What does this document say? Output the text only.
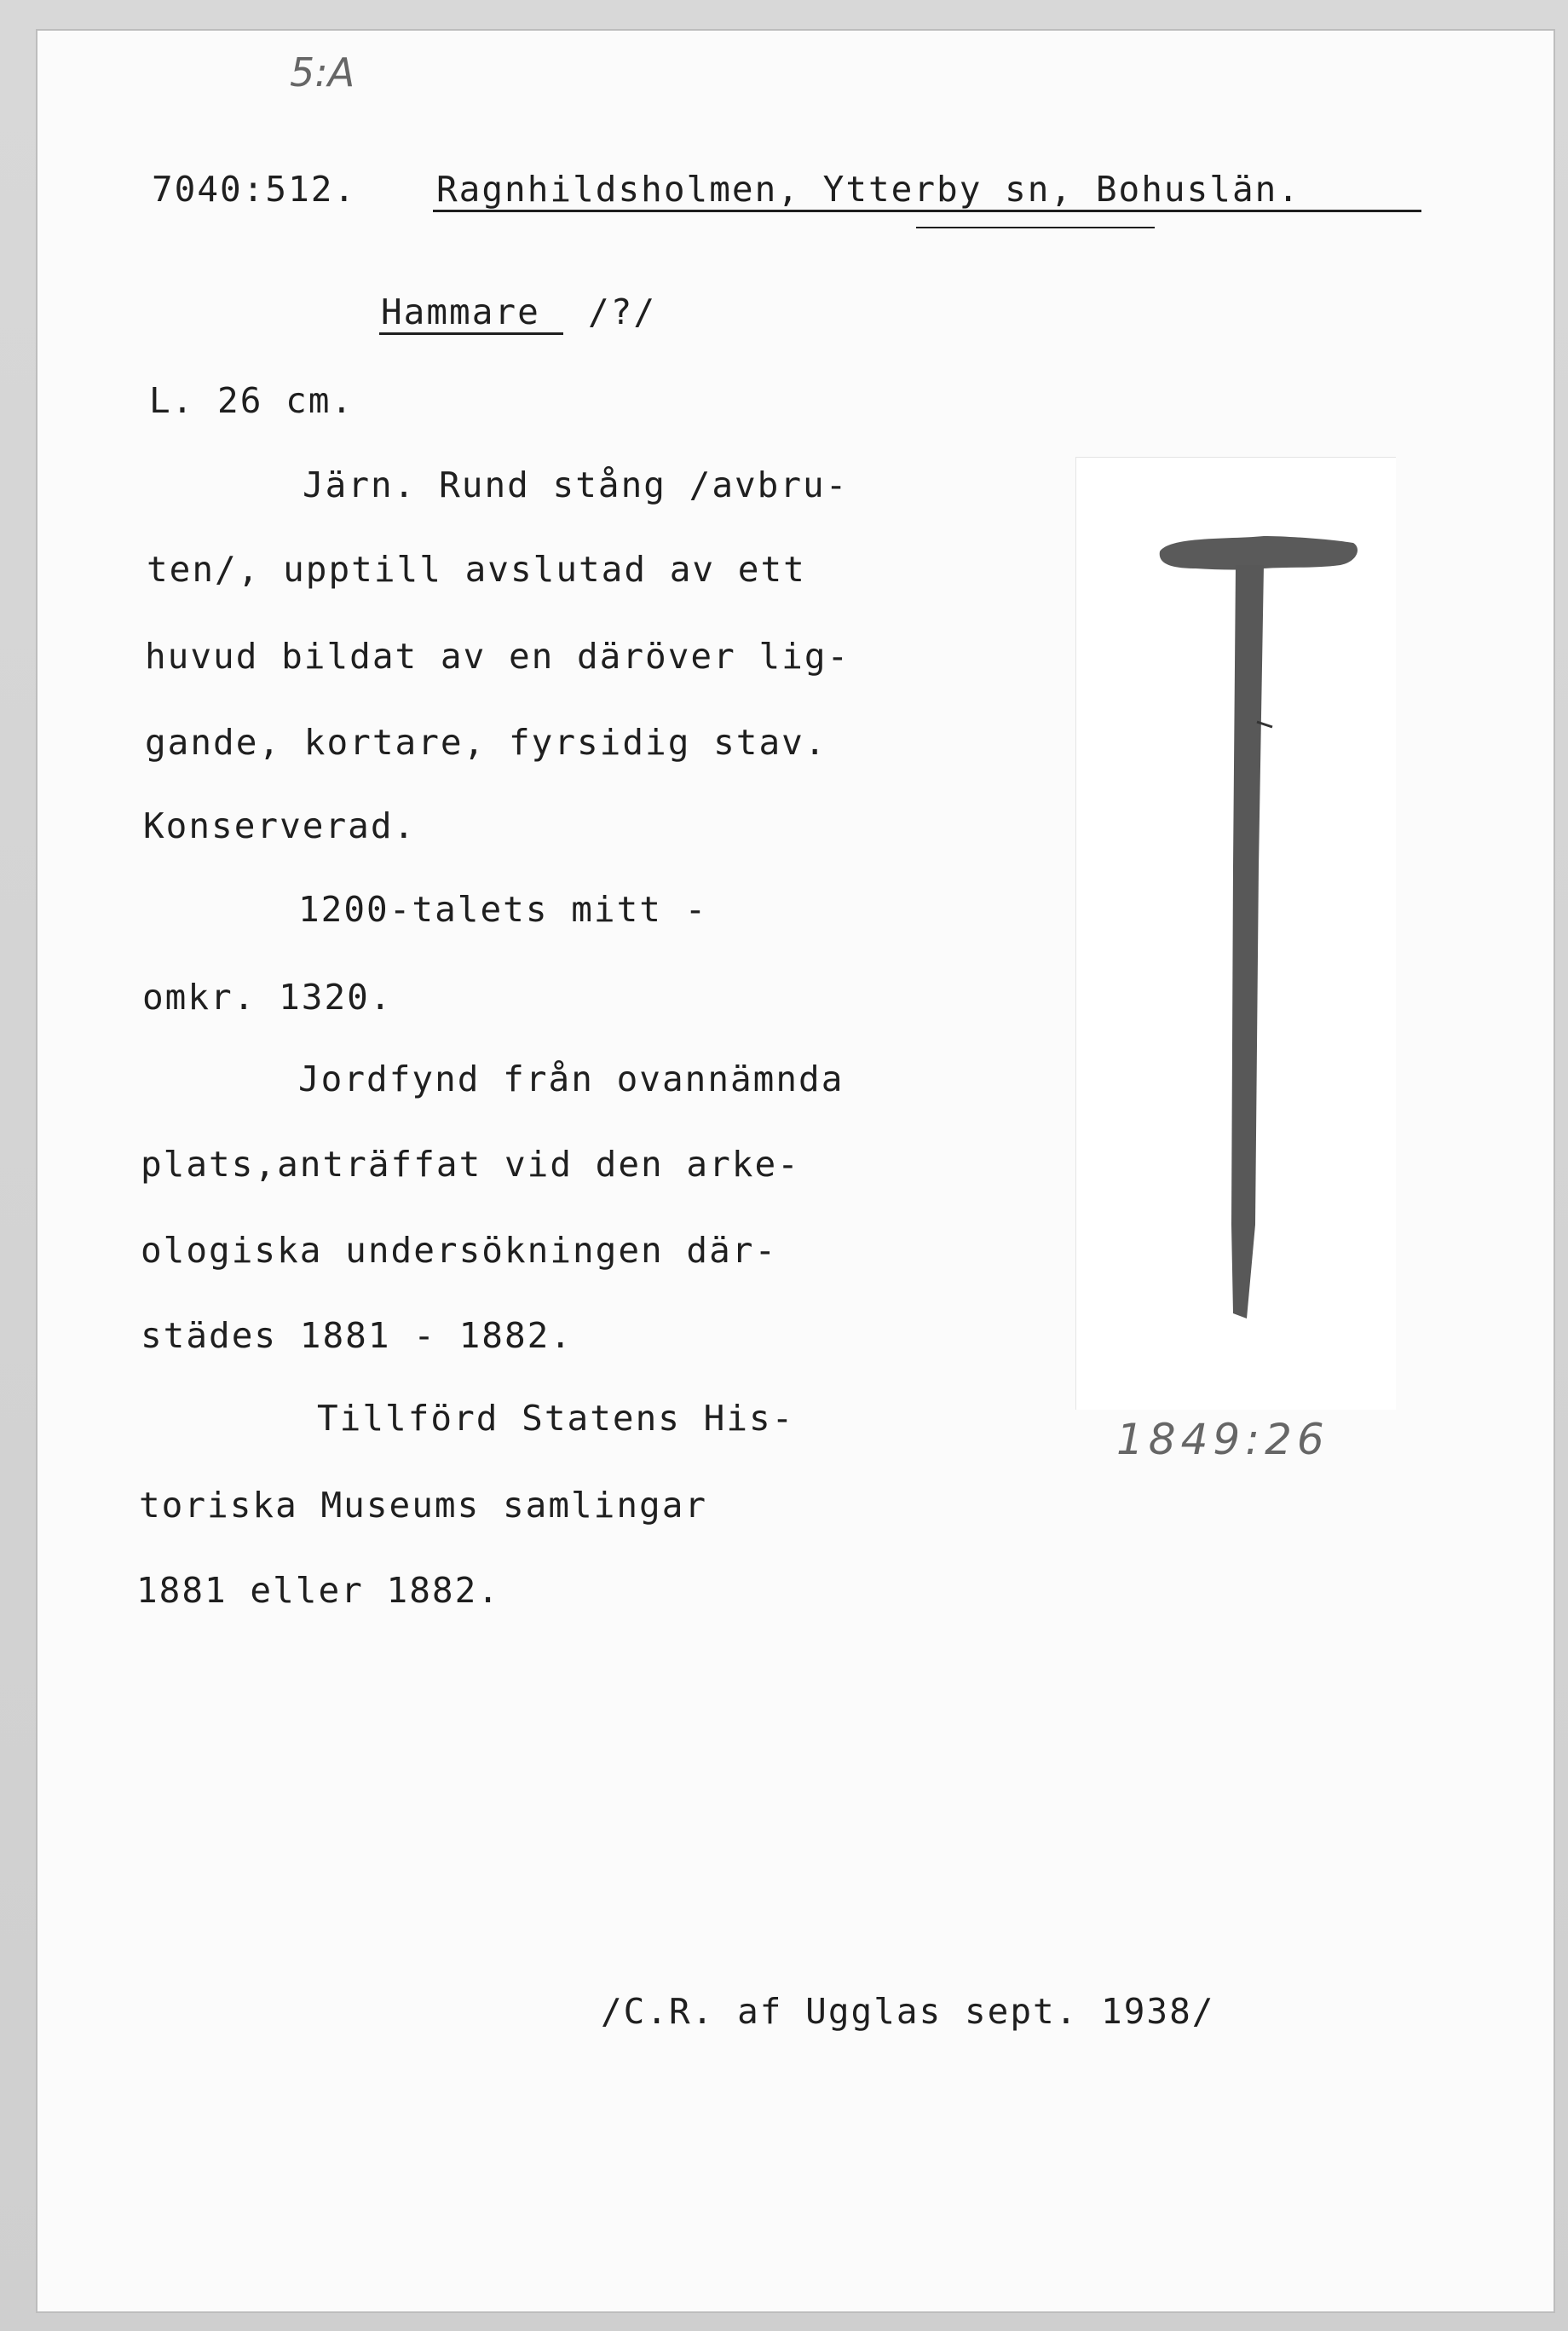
5:A
7040:512. Ragnhildsholmen, Ytterby sn, Bohuslän.
Hammare /?/
L. 26 cm.
Järn. Rund stång /avbru-
ten/, upptill avslutad av ett
huvud bildat av en däröver lig-
gande, kortare, fyrsidig stav.
Konserverad.
1200-talets mitt -
omkr. 1320.
Jordfynd från ovannämnda
plats,anträffat vid den arke-
ologiska undersökningen där-
städes 1881 - 1882.
Tillförd Statens His-
toriska Museums samlingar
1881 eller 1882.
1849:26
/C.R. af Ugglas sept. 1938/
